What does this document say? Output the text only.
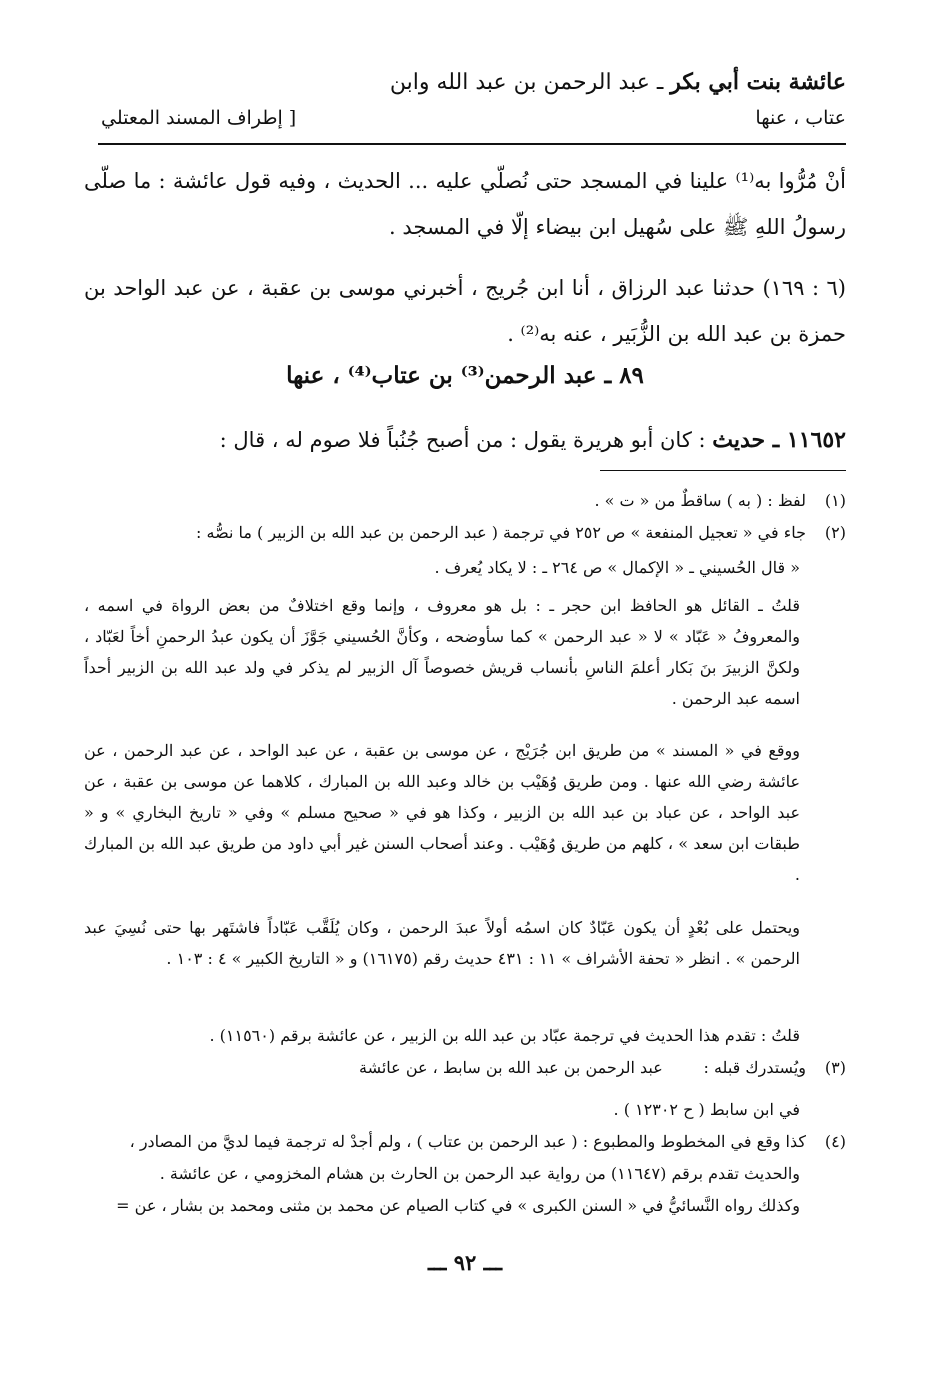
عائشة بنت أبي بكر ـ عبد الرحمن بن عبد الله وابن
عتاب ، عنها
[ إطراف المسند المعتلي
أنْ مُرُّوا به⁽¹⁾ علينا في المسجد حتى نُصلّي عليه ... الحديث ، وفيه قول عائشة : ما صلّى رسولُ اللهِ ﷺ على سُهيل ابن بيضاء إلّا في المسجد .
(٦ : ١٦٩) حدثنا عبد الرزاق ، أنا ابن جُريج ، أخبرني موسى بن عقبة ، عن عبد الواحد بن حمزة بن عبد الله بن الزُّبَير ، عنه به⁽²⁾ .
٨٩ ـ عبد الرحمن⁽³⁾ بن عتاب⁽⁴⁾ ، عنها
١١٦٥٢ ـ حديث : كان أبو هريرة يقول : من أصبح جُنُباً فلا صوم له ، قال :
(١)لفظ : ( به ) ساقطٌ من « ت » .
(٢)جاء في « تعجيل المنفعة » ص ٢٥٢ في ترجمة ( عبد الرحمن بن عبد الله بن الزبير ) ما نصُّه :
« قال الحُسيني ـ « الإكمال » ص ٢٦٤ ـ : لا يكاد يُعرف .
قلتُ ـ القائل هو الحافظ ابن حجر ـ : بل هو معروف ، وإنما وقع اختلافٌ من بعض الرواة في اسمه ، والمعروفُ « عَبّاد » لا « عبد الرحمن » كما سأوضحه ، وكأنَّ الحُسيني جَوَّزَ أن يكون عبدُ الرحمنِ أخاً لعَبّاد ، ولكنَّ الزبيرَ بنَ بَكار أعلمَ الناسِ بأنساب قريش خصوصاً آل الزبير لم يذكر في ولد عبد الله بن الزبير أحداً اسمه عبد الرحمن .
ووقع في « المسند » من طريق ابن جُرَيْج ، عن موسى بن عقبة ، عن عبد الواحد ، عن عبد الرحمن ، عن عائشة رضي الله عنها . ومن طريق وُهَيْب بن خالد وعبد الله بن المبارك ، كلاهما عن موسى بن عقبة ، عن عبد الواحد ، عن عباد بن عبد الله بن الزبير ، وكذا هو في « صحيح مسلم » وفي « تاريخ البخاري » و « طبقات ابن سعد » ، كلهم من طريق وُهَيْب . وعند أصحاب السنن غير أبي داود من طريق عبد الله بن المبارك .
ويحتمل على بُعْدٍ أن يكون عَبّادٌ كان اسمُه أولاً عبدَ الرحمن ، وكان يُلَقَّب عَبّاداً فاشتَهر بها حتى نُسِيَ عبد الرحمن » . انظر « تحفة الأشراف » ١١ : ٤٣١ حديث رقم (١٦١٧٥) و « التاريخ الكبير » ٤ : ١٠٣ .
قلتُ : تقدم هذا الحديث في ترجمة عبّاد بن عبد الله بن الزبير ، عن عائشة برقم (١١٥٦٠) .
(٣)ويُستدرك قبله :        عبد الرحمن بن عبد الله بن سابط ، عن عائشة
في ابن سابط ( ح ١٢٣٠٢ ) .
(٤)كذا وقع في المخطوط والمطبوع : ( عبد الرحمن بن عتاب ) ، ولم أجدْ له ترجمة فيما لديَّ من المصادر ،
والحديث تقدم برقم (١١٦٤٧) من رواية عبد الرحمن بن الحارث بن هشام المخزومي ، عن عائشة .
وكذلك رواه النَّسائيُّ في « السنن الكبرى » في كتاب الصيام عن محمد بن مثنى ومحمد بن بشار ، عن =
ـــ ٩٢ ـــ
